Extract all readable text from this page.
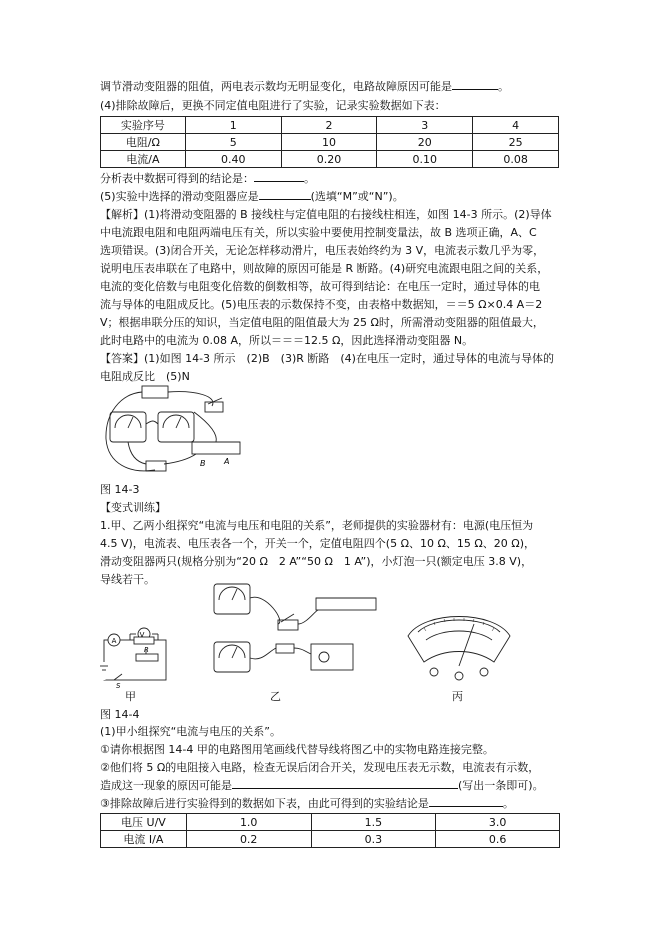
调节滑动变阻器的阻值，两电表示数均无明显变化，电路故障原因可能是	。
(4)排除故障后，更换不同定值电阻进行了实验，记录实验数据如下表：
实验序号	1	2	3	4
电阻/Ω	5	10	20	25
电流/A	0.40	0.20	0.10	0.08
分析表中数据可得到的结论是：	。
(5)实验中选择的滑动变阻器应是	(选填“M”或“N”)。
【解析】(1)将滑动变阻器的 B 接线柱与定值电阻的右接线柱相连，如图 14-3 所示。(2)导体
中电流跟电阻和电阻两端电压有关，所以实验中要使用控制变量法，故 B 选项正确，A、C
选项错误。(3)闭合开关，无论怎样移动滑片，电压表始终约为 3 V，电流表示数几乎为零，
说明电压表串联在了电路中，则故障的原因可能是 R 断路。(4)研究电流跟电阻之间的关系，
电流的变化倍数与电阻变化倍数的倒数相等，故可得到结论：在电压一定时，通过导体的电
流与导体的电阻成反比。(5)电压表的示数保持不变，由表格中数据知，＝＝5 Ω×0.4 A＝2
V；根据串联分压的知识，当定值电阻的阻值最大为 25 Ω时，所需滑动变阻器的阻值最大，
此时电路中的电流为 0.08 A，所以＝＝＝12.5 Ω，因此选择滑动变阻器 N。
【答案】(1)如图 14-3 所示　(2)B　(3)R 断路　(4)在电压一定时，通过导体的电流与导体的
电阻成反比　(5)N
A
B
图 14-3
【变式训练】
1.甲、乙两小组探究“电流与电压和电阻的关系”，老师提供的实验器材有：电源(电压恒为
4.5 V)，电流表、电压表各一个，开关一个，定值电阻四个(5 Ω、10 Ω、15 Ω、20 Ω)，
滑动变阻器两只(规格分别为“20 Ω　2 A”“50 Ω　1 A”)，小灯泡一只(额定电压 3.8 V)，
导线若干。
V
A
R
S
甲	乙	丙
图 14-4
(1)甲小组探究“电流与电压的关系”。
①请你根据图 14-4 甲的电路图用笔画线代替导线将图乙中的实物电路连接完整。
②他们将 5 Ω的电阻接入电路，检查无误后闭合开关，发现电压表无示数，电流表有示数，
造成这一现象的原因可能是	(写出一条即可)。
③排除故障后进行实验得到的数据如下表，由此可得到的实验结论是	。
电压 U/V	1.0	1.5	3.0
电流 I/A	0.2	0.3	0.6
